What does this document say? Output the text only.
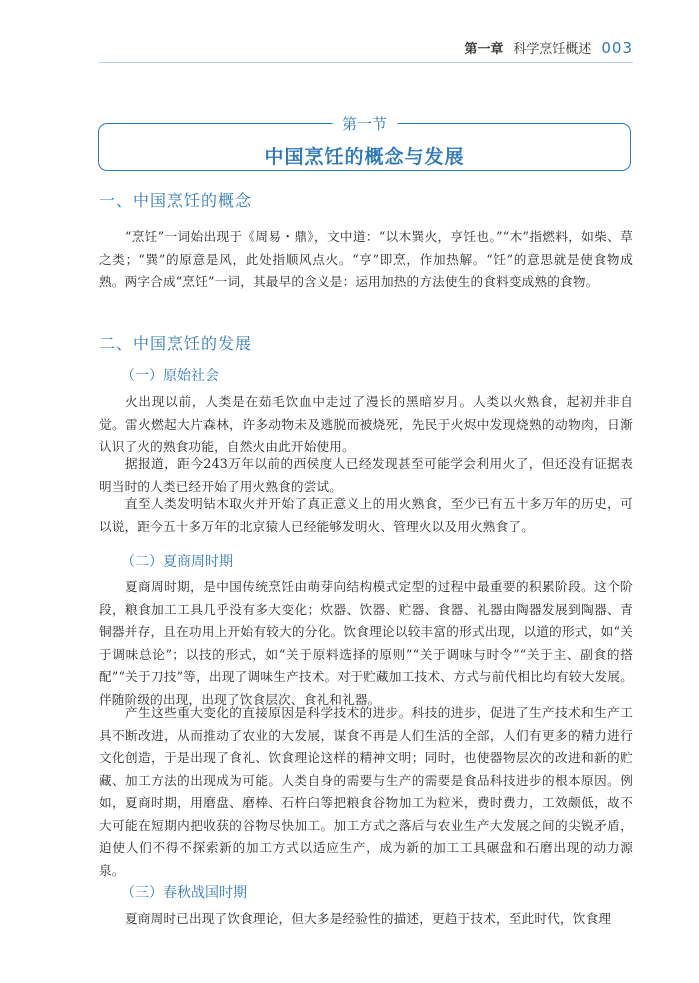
第一章 科学烹饪概述 003
第一节
中国烹饪的概念与发展
一、中国烹饪的概念

“烹饪”一词始出现于《周易・鼎》，文中道：“以木巽火，亨饪也。”“木”指燃料，如柴、草之类；“巽”的原意是风，此处指顺风点火。“亨”即烹，作加热解。“饪”的意思就是使食物成熟。两字合成“烹饪”一词，其最早的含义是：运用加热的方法使生的食料变成熟的食物。

二、中国烹饪的发展
（一）原始社会

火出现以前，人类是在茹毛饮血中走过了漫长的黑暗岁月。人类以火熟食，起初并非自觉。雷火燃起大片森林，许多动物未及逃脱而被烧死，先民于火烬中发现烧熟的动物肉，日渐认识了火的熟食功能，自然火由此开始使用。

据报道，距今243万年以前的西侯度人已经发现甚至可能学会利用火了，但还没有证据表明当时的人类已经开始了用火熟食的尝试。

直至人类发明钻木取火并开始了真正意义上的用火熟食，至少已有五十多万年的历史，可以说，距今五十多万年的北京猿人已经能够发明火、管理火以及用火熟食了。

（二）夏商周时期

夏商周时期，是中国传统烹饪由萌芽向结构模式定型的过程中最重要的积累阶段。这个阶段，粮食加工工具几乎没有多大变化；炊器、饮器、贮器、食器、礼器由陶器发展到陶器、青铜器并存，且在功用上开始有较大的分化。饮食理论以较丰富的形式出现，以道的形式，如“关于调味总论”；以技的形式，如“关于原料选择的原则”“关于调味与时令”“关于主、副食的搭配”“关于刀技”等，出现了调味生产技术。对于贮藏加工技术、方式与前代相比均有较大发展。伴随阶级的出现，出现了饮食层次、食礼和礼器。

产生这些重大变化的直接原因是科学技术的进步。科技的进步，促进了生产技术和生产工具不断改进，从而推动了农业的大发展，谋食不再是人们生活的全部，人们有更多的精力进行文化创造，于是出现了食礼、饮食理论这样的精神文明；同时，也使器物层次的改进和新的贮藏、加工方法的出现成为可能。人类自身的需要与生产的需要是食品科技进步的根本原因。例如，夏商时期，用磨盘、磨棒、石杵臼等把粮食谷物加工为粒米，费时费力，工效颇低，故不大可能在短期内把收获的谷物尽快加工。加工方式之落后与农业生产大发展之间的尖锐矛盾，迫使人们不得不探索新的加工方式以适应生产，成为新的加工工具碾盘和石磨出现的动力源泉。

（三）春秋战国时期

夏商周时已出现了饮食理论，但大多是经验性的描述，更趋于技术，至此时代，饮食理
